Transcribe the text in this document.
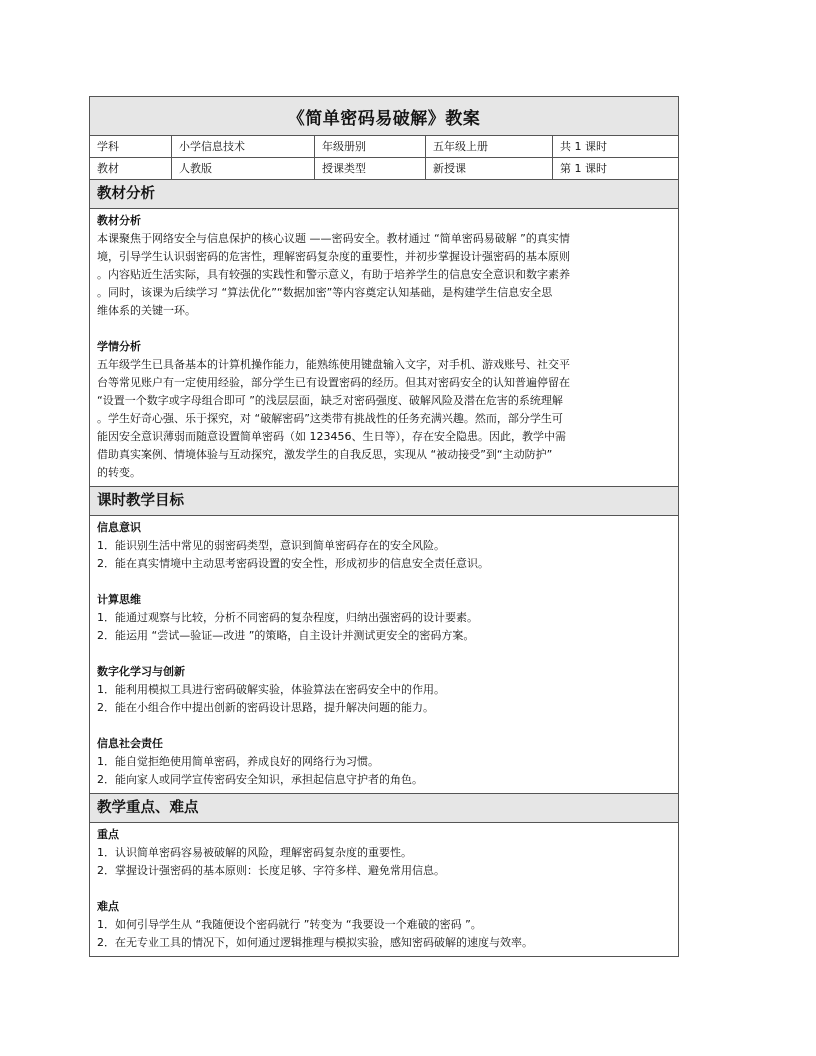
《简单密码易破解》教案
学科	小学信息技术	年级册别	五年级上册	共 1 课时
教材	人教版	授课类型	新授课	第 1 课时
教材分析
教材分析
本课聚焦于网络安全与信息保护的核心议题 ——密码安全。教材通过 “简单密码易破解 ”的真实情
境，引导学生认识弱密码的危害性，理解密码复杂度的重要性，并初步掌握设计强密码的基本原则
。内容贴近生活实际，具有较强的实践性和警示意义，有助于培养学生的信息安全意识和数字素养
。同时，该课为后续学习 “算法优化”“数据加密”等内容奠定认知基础，是构建学生信息安全思
维体系的关键一环。
学情分析
五年级学生已具备基本的计算机操作能力，能熟练使用键盘输入文字，对手机、游戏账号、社交平
台等常见账户有一定使用经验，部分学生已有设置密码的经历。但其对密码安全的认知普遍停留在
“设置一个数字或字母组合即可 ”的浅层层面，缺乏对密码强度、破解风险及潜在危害的系统理解
。学生好奇心强、乐于探究，对 “破解密码”这类带有挑战性的任务充满兴趣。然而，部分学生可
能因安全意识薄弱而随意设置简单密码（如 123456、生日等），存在安全隐患。因此，教学中需
借助真实案例、情境体验与互动探究，激发学生的自我反思，实现从 “被动接受”到“主动防护”
的转变。
课时教学目标
信息意识
1．能识别生活中常见的弱密码类型，意识到简单密码存在的安全风险。
2．能在真实情境中主动思考密码设置的安全性，形成初步的信息安全责任意识。
计算思维
1．能通过观察与比较，分析不同密码的复杂程度，归纳出强密码的设计要素。
2．能运用 “尝试—验证—改进 ”的策略，自主设计并测试更安全的密码方案。
数字化学习与创新
1．能利用模拟工具进行密码破解实验，体验算法在密码安全中的作用。
2．能在小组合作中提出创新的密码设计思路，提升解决问题的能力。
信息社会责任
1．能自觉拒绝使用简单密码，养成良好的网络行为习惯。
2．能向家人或同学宣传密码安全知识，承担起信息守护者的角色。
教学重点、难点
重点
1．认识简单密码容易被破解的风险，理解密码复杂度的重要性。
2．掌握设计强密码的基本原则：长度足够、字符多样、避免常用信息。
难点
1．如何引导学生从 “我随便设个密码就行 ”转变为 “我要设一个难破的密码 ”。
2．在无专业工具的情况下，如何通过逻辑推理与模拟实验，感知密码破解的速度与效率。
